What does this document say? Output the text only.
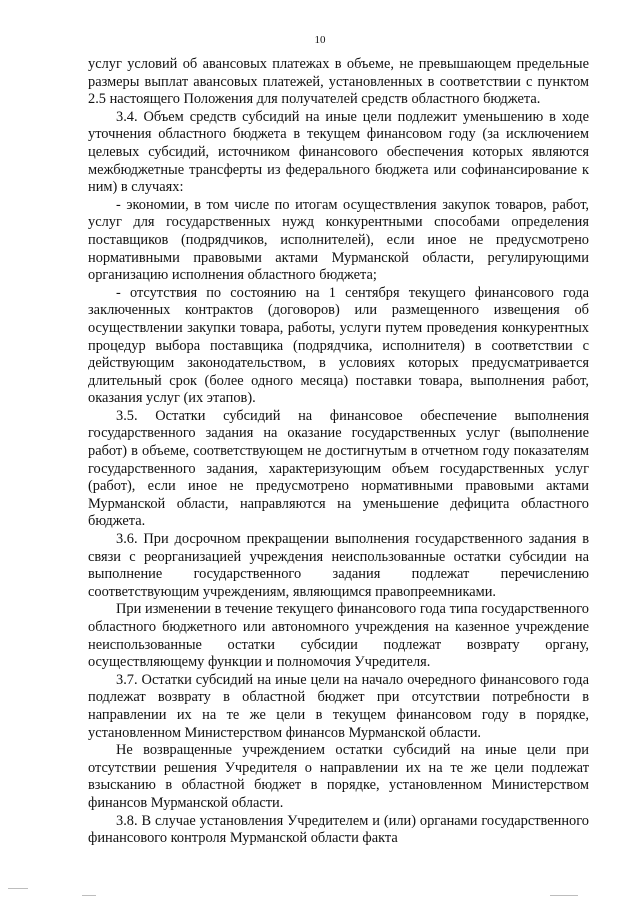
10

услуг условий об авансовых платежах в объеме, не превышающем предельные размеры выплат авансовых платежей, установленных в соответствии с пунктом 2.5 настоящего Положения для получателей средств областного бюджета.

3.4. Объем средств субсидий на иные цели подлежит уменьшению в ходе уточнения областного бюджета в текущем финансовом году (за исключением целевых субсидий, источником финансового обеспечения которых являются межбюджетные трансферты из федерального бюджета или софинансирование к ним) в случаях:

- экономии, в том числе по итогам осуществления закупок товаров, работ, услуг для государственных нужд конкурентными способами определения поставщиков (подрядчиков, исполнителей), если иное не предусмотрено нормативными правовыми актами Мурманской области, регулирующими организацию исполнения областного бюджета;

- отсутствия по состоянию на 1 сентября текущего финансового года заключенных контрактов (договоров) или размещенного извещения об осуществлении закупки товара, работы, услуги путем проведения конкурентных процедур выбора поставщика (подрядчика, исполнителя) в соответствии с действующим законодательством, в условиях которых предусматривается длительный срок (более одного месяца) поставки товара, выполнения работ, оказания услуг (их этапов).

3.5. Остатки субсидий на финансовое обеспечение выполнения государственного задания на оказание государственных услуг (выполнение работ) в объеме, соответствующем не достигнутым в отчетном году показателям государственного задания, характеризующим объем государственных услуг (работ), если иное не предусмотрено нормативными правовыми актами Мурманской области, направляются на уменьшение дефицита областного бюджета.

3.6. При досрочном прекращении выполнения государственного задания в связи с реорганизацией учреждения неиспользованные остатки субсидии на выполнение государственного задания подлежат перечислению соответствующим учреждениям, являющимся правопреемниками.

При изменении в течение текущего финансового года типа государственного областного бюджетного или автономного учреждения на казенное учреждение неиспользованные остатки субсидии подлежат возврату органу, осуществляющему функции и полномочия Учредителя.

3.7. Остатки субсидий на иные цели на начало очередного финансового года подлежат возврату в областной бюджет при отсутствии потребности в направлении их на те же цели в текущем финансовом году в порядке, установленном Министерством финансов Мурманской области.

Не возвращенные учреждением остатки субсидий на иные цели при отсутствии решения Учредителя о направлении их на те же цели подлежат взысканию в областной бюджет в порядке, установленном Министерством финансов Мурманской области.

3.8. В случае установления Учредителем и (или) органами государственного финансового контроля Мурманской области факта
